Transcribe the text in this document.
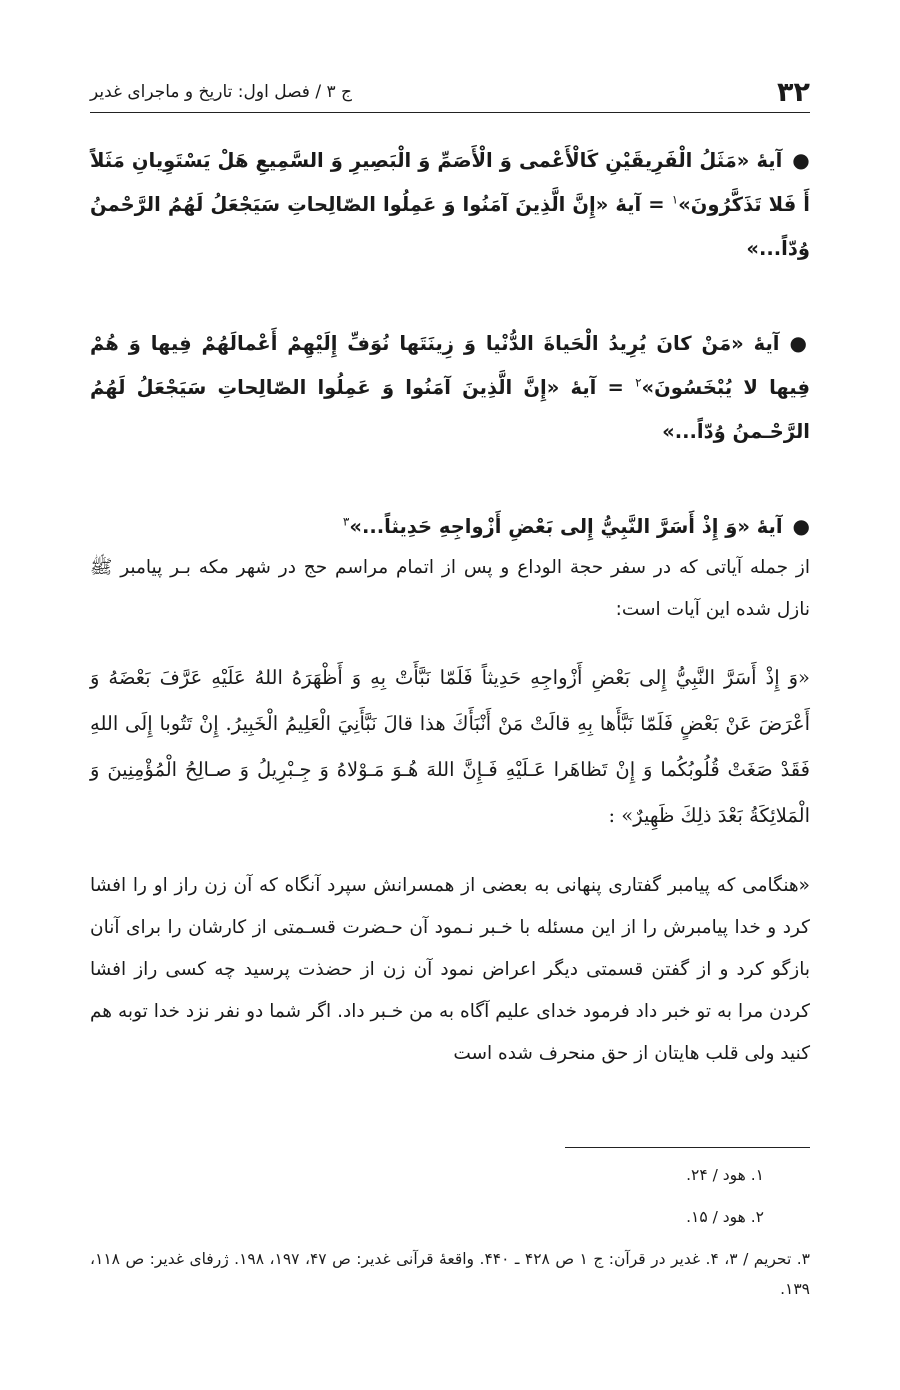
۳۲
ج ۳ / فصل اول: تاریخ و ماجرای غدیر

●آيهٔ «مَثَلُ الْفَرِيقَيْنِ كَالْأَعْمى وَ الْأَصَمِّ وَ الْبَصِيرِ وَ السَّمِيعِ هَلْ يَسْتَوِيانِ مَثَلاً أَ فَلا تَذَكَّرُونَ»$^۱$ = آيهٔ «إِنَّ الَّذِينَ آمَنُوا وَ عَمِلُوا الصّالِحاتِ سَيَجْعَلُ لَهُمُ الرَّحْمنُ وُدّاً...»

●آيهٔ «مَنْ كانَ يُرِيدُ الْحَياةَ الدُّنْيا وَ زِينَتَها نُوَفِّ إِلَيْهِمْ أَعْمالَهُمْ فِيها وَ هُمْ فِيها لا يُبْخَسُونَ»$^۲$ = آيهٔ «إِنَّ الَّذِينَ آمَنُوا وَ عَمِلُوا الصّالِحاتِ سَيَجْعَلُ لَهُمُ الرَّحْـمنُ وُدّاً...»

●آيهٔ «وَ إِذْ أَسَرَّ النَّبِيُّ إِلى بَعْضِ أَزْواجِهِ حَدِيثاً...»$^۳$

از جمله آياتى كه در سفر حجة الوداع و پس از اتمام مراسم حج در شهر مكه بـر پيامبر ﷺ نازل شده اين آيات است:

«وَ إِذْ أَسَرَّ النَّبِيُّ إِلى بَعْضِ أَزْواجِهِ حَدِيثاً فَلَمّا نَبَّأَتْ بِهِ وَ أَظْهَرَهُ اللهُ عَلَيْهِ عَرَّفَ بَعْضَهُ وَ أَعْرَضَ عَنْ بَعْضٍ فَلَمّا نَبَّأَها بِهِ قالَتْ مَنْ أَنْبَأَكَ هذا قالَ نَبَّأَنِيَ الْعَلِيمُ الْخَبِيرُ. إِنْ تَتُوبا إِلَى اللهِ فَقَدْ صَغَتْ قُلُوبُكُما وَ إِنْ تَظاهَرا عَـلَيْهِ فَـإِنَّ اللهَ هُـوَ مَـوْلاهُ وَ جِـبْرِيلُ وَ صـالِحُ الْمُؤْمِنِينَ وَ الْمَلائِكَةُ بَعْدَ ذلِكَ ظَهِيرٌ» :

«هنگامى كه پيامبر گفتارى پنهانى به بعضى از همسرانش سپرد آنگاه كه آن زن راز او را افشا كرد و خدا پيامبرش را از اين مسئله با خـبر نـمود آن حـضرت قسـمتى از كارشان را براى آنان بازگو كرد و از گفتن قسمتى ديگر اعراض نمود آن زن از حضذت پرسيد چه كسى راز افشا كردن مرا به تو خبر داد فرمود خداى عليم آگاه به من خـبر داد. اگر شما دو نفر نزد خدا توبه هم كنيد ولى قلب هايتان از حق منحرف شده است

۱. هود / ۲۴.

۲. هود / ۱۵.

۳. تحريم / ۳، ۴. غدير در قرآن: ج ۱ ص ۴۲۸ ـ ۴۴۰. واقعهٔ قرآنى غدير: ص ۴۷، ۱۹۷، ۱۹۸. ژرفاى غدير: ص ۱۱۸، ۱۳۹.
